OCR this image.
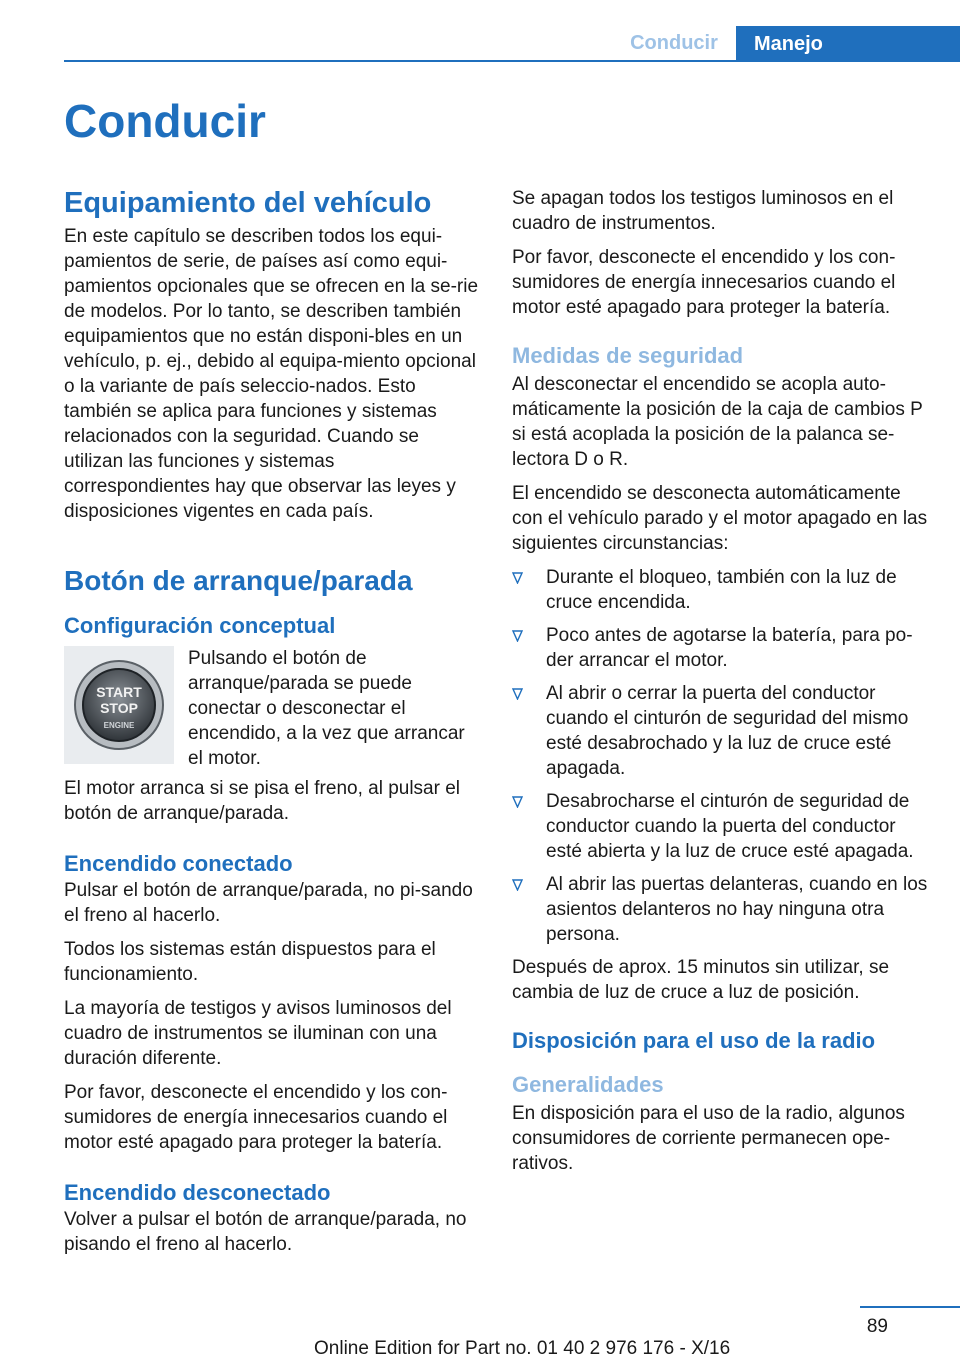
Conducir	Manejo
Conducir
Equipamiento del vehículo

En este capítulo se describen todos los equi‐pamientos de serie, de países así como equi‐pamientos opcionales que se ofrecen en la se‐rie de modelos. Por lo tanto, se describen también equipamientos que no están disponi‐bles en un vehículo, p. ej., debido al equipa‐miento opcional o la variante de país seleccio‐nados. Esto también se aplica para funciones y sistemas relacionados con la seguridad. Cuando se utilizan las funciones y sistemas correspondientes hay que observar las leyes y disposiciones vigentes en cada país.

Botón de arranque/parada
Configuración conceptual
START
STOP
ENGINE

Pulsando el botón de arranque/parada se puede conectar o desconectar el encendido, a la vez que arrancar el motor.

El motor arranca si se pisa el freno, al pulsar el botón de arranque/parada.

Encendido conectado

Pulsar el botón de arranque/parada, no pi‐sando el freno al hacerlo.

Todos los sistemas están dispuestos para el funcionamiento.

La mayoría de testigos y avisos luminosos del cuadro de instrumentos se iluminan con una duración diferente.

Por favor, desconecte el encendido y los con‐sumidores de energía innecesarios cuando el motor esté apagado para proteger la batería.

Encendido desconectado

Volver a pulsar el botón de arranque/parada, no pisando el freno al hacerlo.

Se apagan todos los testigos luminosos en el cuadro de instrumentos.

Por favor, desconecte el encendido y los con‐sumidores de energía innecesarios cuando el motor esté apagado para proteger la batería.

Medidas de seguridad

Al desconectar el encendido se acopla auto‐máticamente la posición de la caja de cambios P si está acoplada la posición de la palanca se‐lectora D o R.

El encendido se desconecta automáticamente con el vehículo parado y el motor apagado en las siguientes circunstancias:

Durante el bloqueo, también con la luz de cruce encendida.
Poco antes de agotarse la batería, para po‐der arrancar el motor.
Al abrir o cerrar la puerta del conductor cuando el cinturón de seguridad del mismo esté desabrochado y la luz de cruce esté apagada.
Desabrocharse el cinturón de seguridad de conductor cuando la puerta del conductor esté abierta y la luz de cruce esté apagada.
Al abrir las puertas delanteras, cuando en los asientos delanteros no hay ninguna otra persona.

Después de aprox. 15 minutos sin utilizar, se cambia de luz de cruce a luz de posición.

Disposición para el uso de la radio
Generalidades

En disposición para el uso de la radio, algunos consumidores de corriente permanecen ope‐rativos.

89
Online Edition for Part no. 01 40 2 976 176 - X/16
